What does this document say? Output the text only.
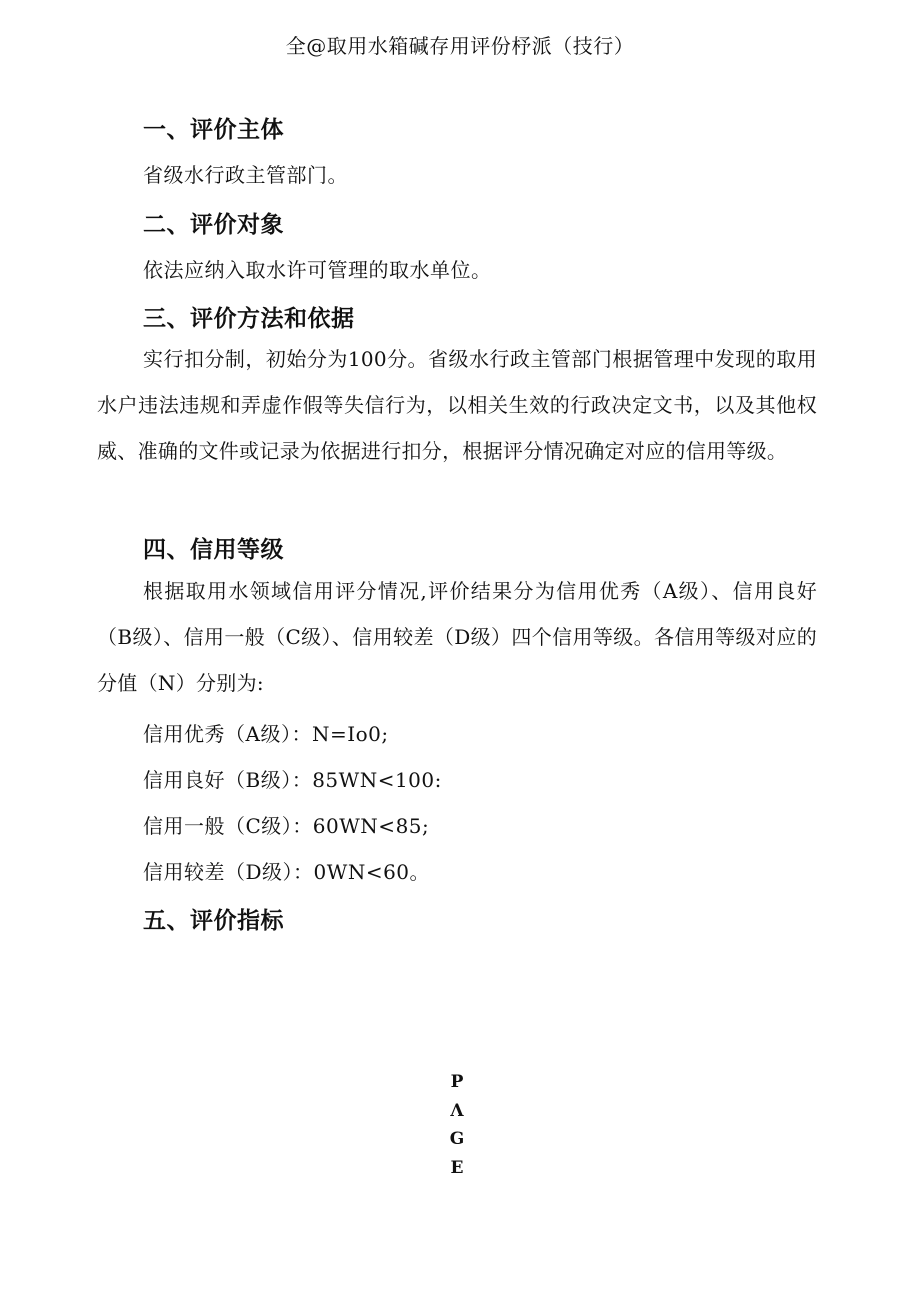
全@取用水箱碱存用评份杼派（技行）
一、评价主体
省级水行政主管部门。
二、评价对象
依法应纳入取水许可管理的取水单位。
三、评价方法和依据
实行扣分制，初始分为100分。省级水行政主管部门根据管理中发现的取用水户违法违规和弄虚作假等失信行为，以相关生效的行政决定文书，以及其他权威、准确的文件或记录为依据进行扣分，根据评分情况确定对应的信用等级。
四、信用等级
根据取用水领域信用评分情况,评价结果分为信用优秀（A级）、信用良好（B级）、信用一般（C级）、信用较差（D级）四个信用等级。各信用等级对应的分值（N）分别为:
信用优秀（A级）：N=Io0;
信用良好（B级）：85WN<100:
信用一般（C级）：60WN<85;
信用较差（D级）：0WN<60。
五、评价指标
P
Λ
G
E
